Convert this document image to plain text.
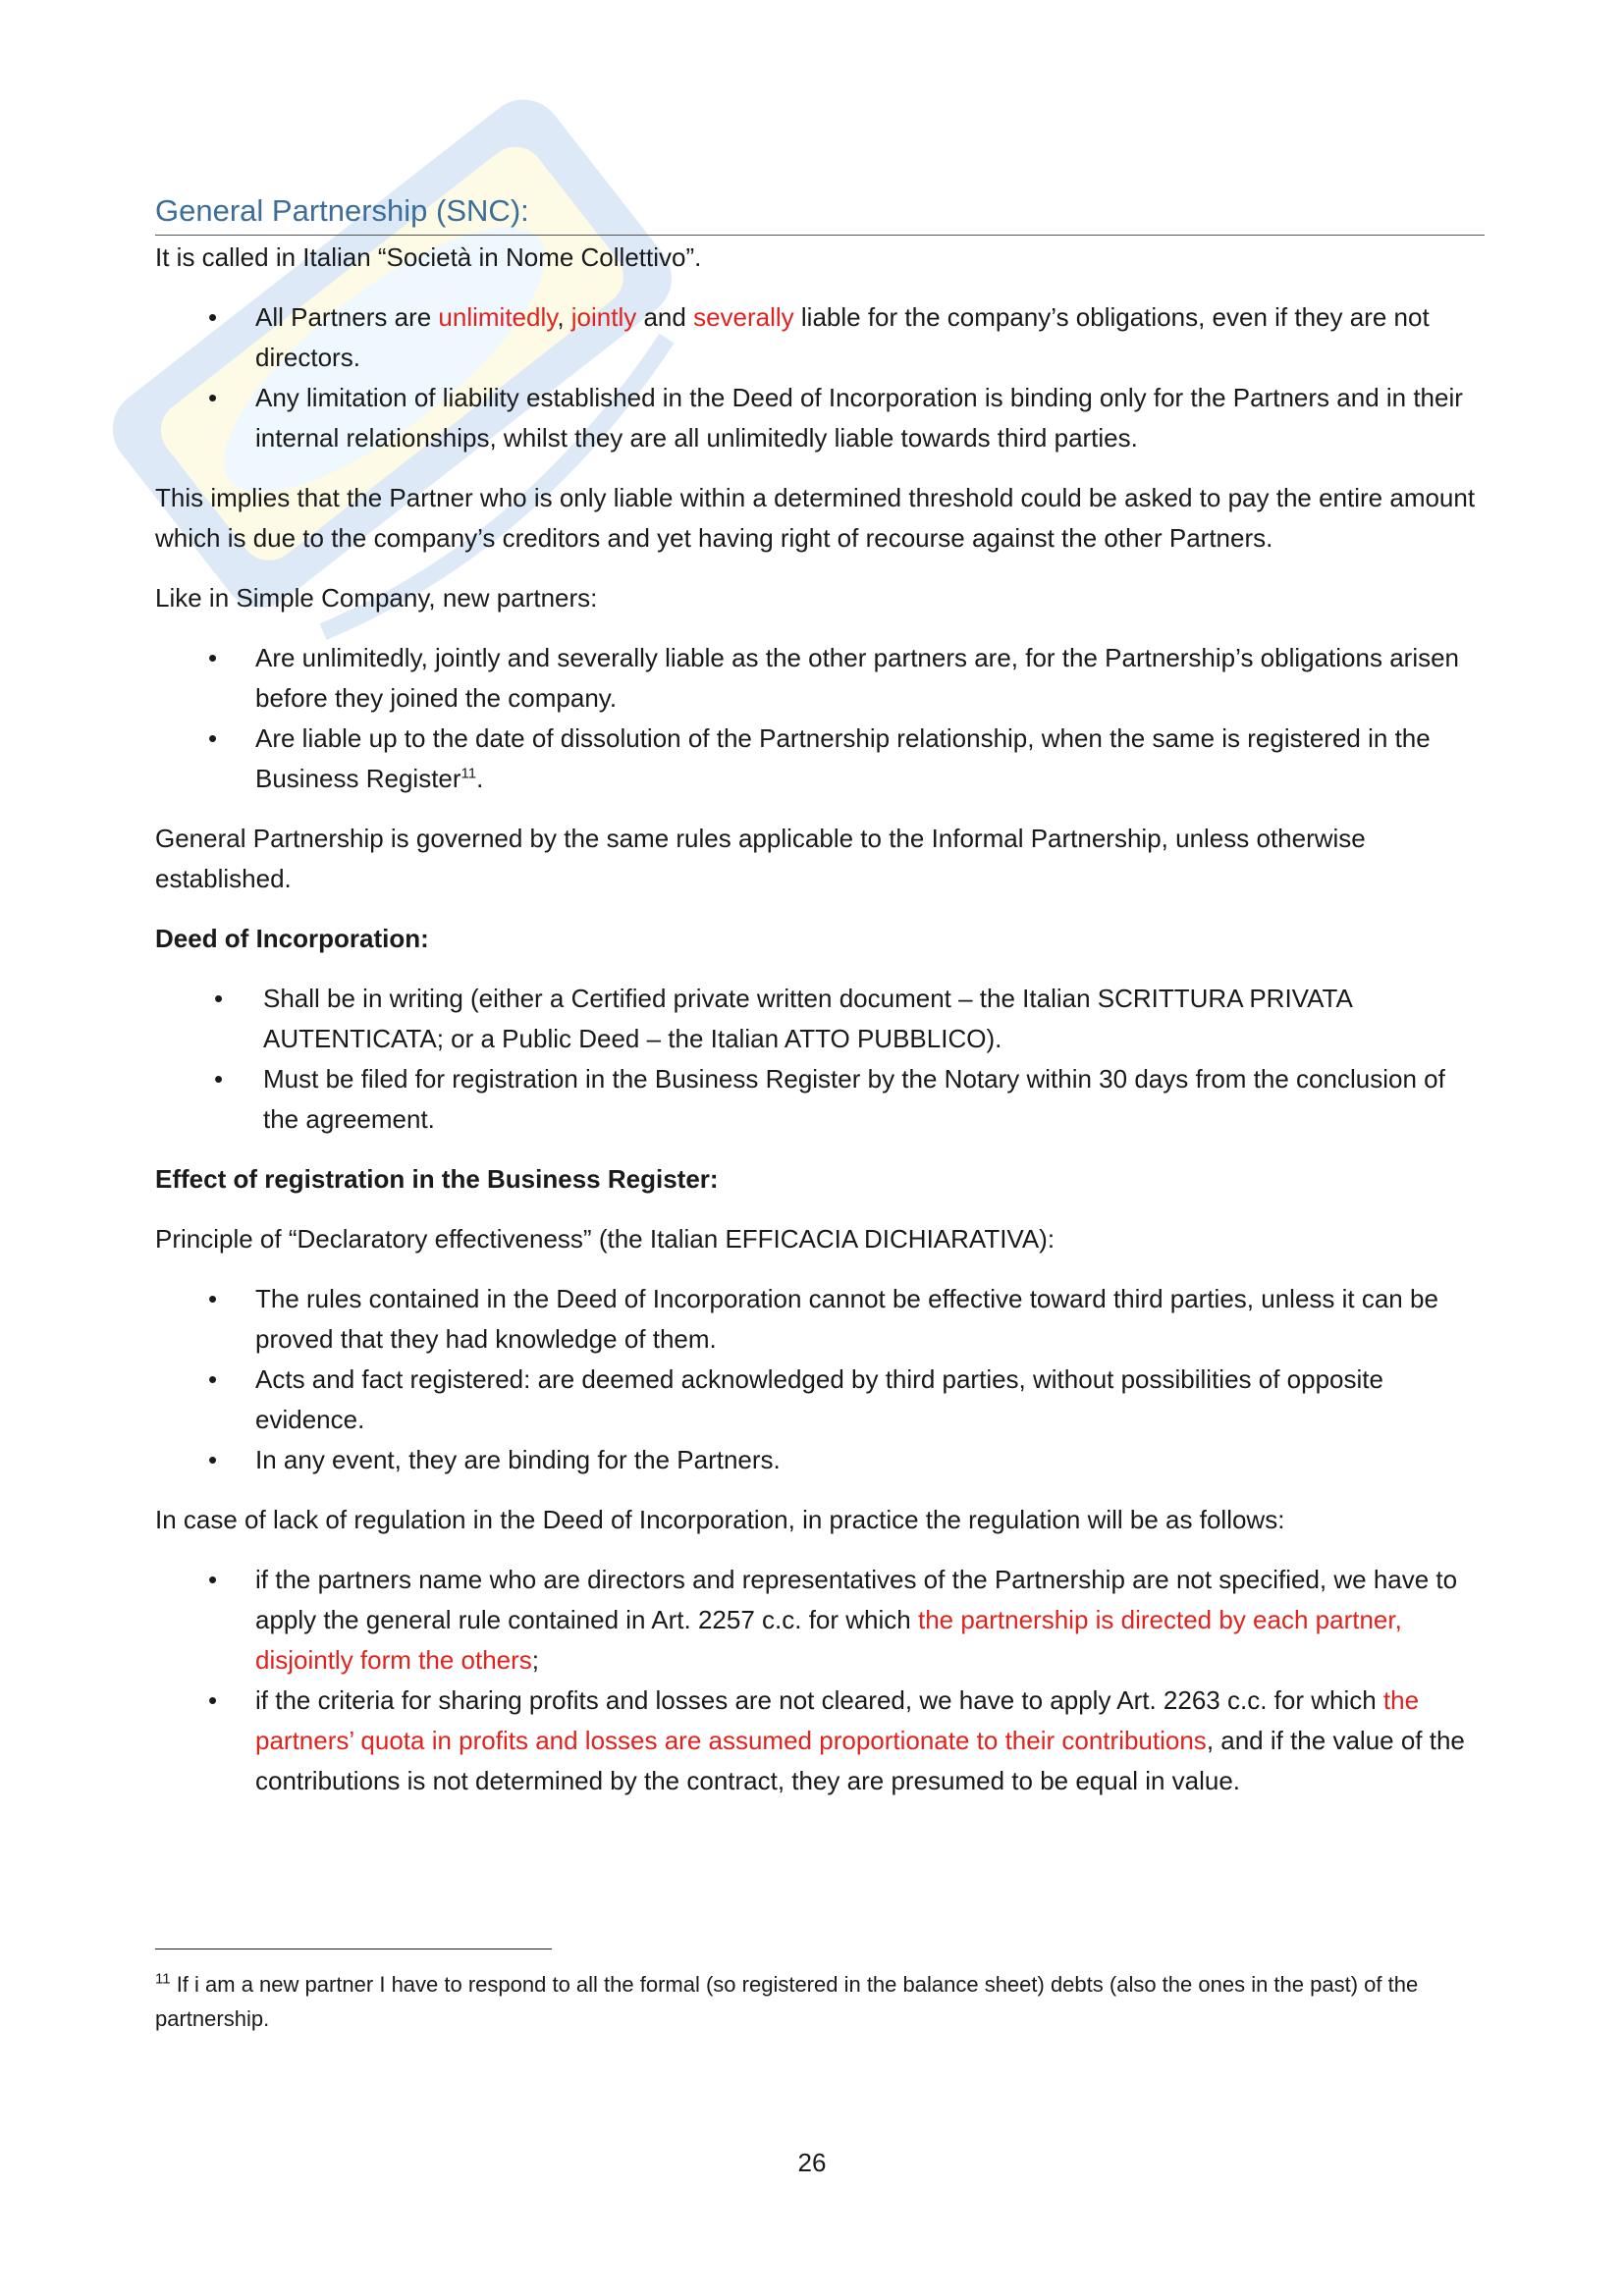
General Partnership (SNC):

It is called in Italian “Società in Nome Collettivo”.

• All Partners are unlimitedly, jointly and severally liable for the company’s obligations, even if they are not directors.
• Any limitation of liability established in the Deed of Incorporation is binding only for the Partners and in their internal relationships, whilst they are all unlimitedly liable towards third parties.

This implies that the Partner who is only liable within a determined threshold could be asked to pay the entire amount which is due to the company’s creditors and yet having right of recourse against the other Partners.

Like in Simple Company, new partners:

• Are unlimitedly, jointly and severally liable as the other partners are, for the Partnership’s obligations arisen before they joined the company.
• Are liable up to the date of dissolution of the Partnership relationship, when the same is registered in the Business Register$^{11}$.

General Partnership is governed by the same rules applicable to the Informal Partnership, unless otherwise established.

Deed of Incorporation:

• Shall be in writing (either a Certified private written document – the Italian SCRITTURA PRIVATA AUTENTICATA; or a Public Deed – the Italian ATTO PUBBLICO).
• Must be filed for registration in the Business Register by the Notary within 30 days from the conclusion of the agreement.

Effect of registration in the Business Register:

Principle of “Declaratory effectiveness” (the Italian EFFICACIA DICHIARATIVA):

• The rules contained in the Deed of Incorporation cannot be effective toward third parties, unless it can be proved that they had knowledge of them.
• Acts and fact registered: are deemed acknowledged by third parties, without possibilities of opposite evidence.
• In any event, they are binding for the Partners.

In case of lack of regulation in the Deed of Incorporation, in practice the regulation will be as follows:

• if the partners name who are directors and representatives of the Partnership are not specified, we have to apply the general rule contained in Art. 2257 c.c. for which the partnership is directed by each partner, disjointly form the others;
• if the criteria for sharing profits and losses are not cleared, we have to apply Art. 2263 c.c. for which the partners’ quota in profits and losses are assumed proportionate to their contributions, and if the value of the contributions is not determined by the contract, they are presumed to be equal in value.

$^{11}$ If i am a new partner I have to respond to all the formal (so registered in the balance sheet) debts (also the ones in the past) of the partnership.

26
